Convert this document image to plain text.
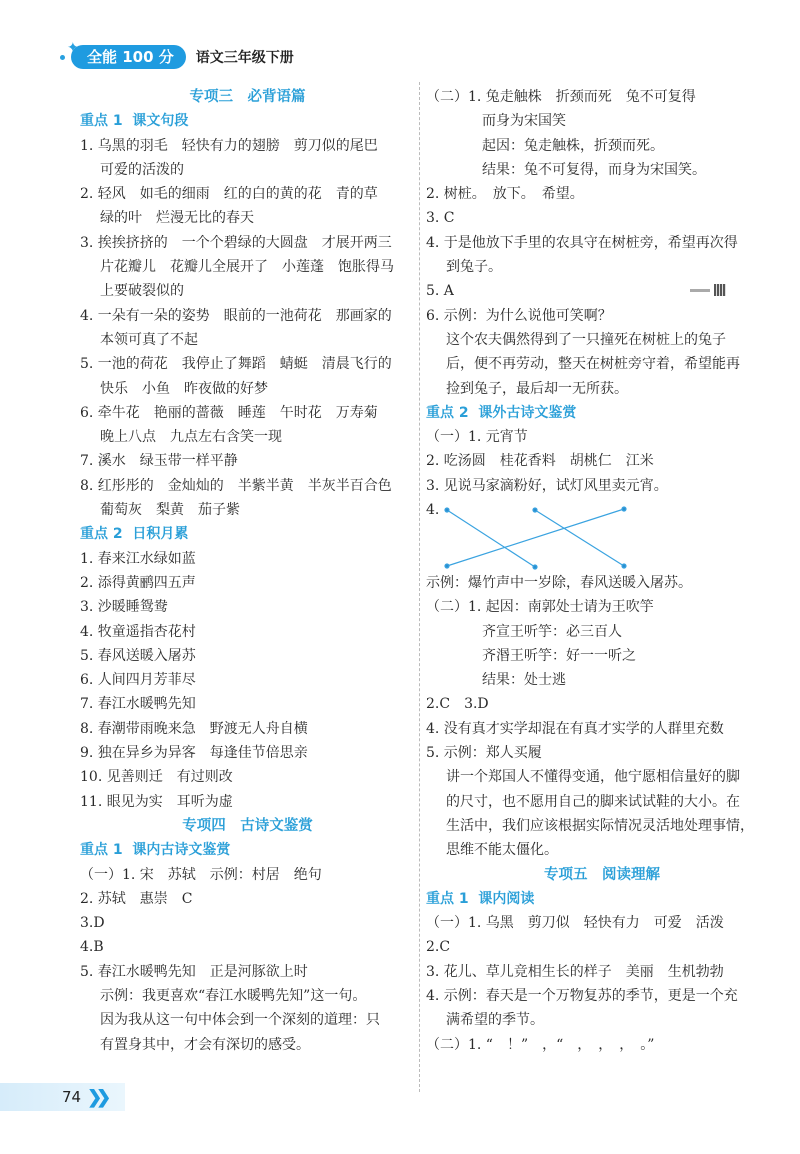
✦ 全能 100 分	语文三年级下册
专项三　必背语篇
重点 1  课文句段
1. 乌黑的羽毛　轻快有力的翅膀　剪刀似的尾巴
可爱的活泼的
2. 轻风　如毛的细雨　红的白的黄的花　青的草
绿的叶　烂漫无比的春天
3. 挨挨挤挤的　一个个碧绿的大圆盘　才展开两三
片花瓣儿　花瓣儿全展开了　小莲蓬　饱胀得马
上要破裂似的
4. 一朵有一朵的姿势　眼前的一池荷花　那画家的
本领可真了不起
5. 一池的荷花　我停止了舞蹈　蜻蜓　清晨飞行的
快乐　小鱼　昨夜做的好梦
6. 牵牛花　艳丽的蔷薇　睡莲　午时花　万寿菊
晚上八点　九点左右含笑一现
7. 溪水　绿玉带一样平静
8. 红彤彤的　金灿灿的　半紫半黄　半灰半百合色
葡萄灰　梨黄　茄子紫
重点 2  日积月累
1. 春来江水绿如蓝
2. 添得黄鹂四五声
3. 沙暖睡鸳鸯
4. 牧童遥指杏花村
5. 春风送暖入屠苏
6. 人间四月芳菲尽
7. 春江水暖鸭先知
8. 春潮带雨晚来急　野渡无人舟自横
9. 独在异乡为异客　每逢佳节倍思亲
10. 见善则迁　有过则改
11. 眼见为实　耳听为虚
专项四　古诗文鉴赏
重点 1  课内古诗文鉴赏
（一）1. 宋　苏轼　示例：村居　绝句
2. 苏轼　惠崇　C
3.D
4.B
5. 春江水暖鸭先知　正是河豚欲上时
示例：我更喜欢“春江水暖鸭先知”这一句。
因为我从这一句中体会到一个深刻的道理：只
有置身其中，才会有深切的感受。
（二）1. 兔走触株　折颈而死　兔不可复得
而身为宋国笑
起因：兔走触株，折颈而死。
结果：兔不可复得，而身为宋国笑。
2. 树桩。　放下。　希望。
3. C
4. 于是他放下手里的农具守在树桩旁，希望再次得
到兔子。
5. A
6. 示例：为什么说他可笑啊？
这个农夫偶然得到了一只撞死在树桩上的兔子
后，便不再劳动，整天在树桩旁守着，希望能再
捡到兔子，最后却一无所获。
重点 2  课外古诗文鉴赏
（一）1. 元宵节
2. 吃汤圆　桂花香料　胡桃仁　江米
3. 见说马家滴粉好，试灯风里卖元宵。
4.
示例：爆竹声中一岁除，春风送暖入屠苏。
（二）1. 起因：南郭处士请为王吹竽
齐宣王听竽：必三百人
齐湣王听竽：好一一听之
结果：处士逃
2.C　3.D
4. 没有真才实学却混在有真才实学的人群里充数
5. 示例：郑人买履
讲一个郑国人不懂得变通，他宁愿相信量好的脚
的尺寸，也不愿用自己的脚来试试鞋的大小。在
生活中，我们应该根据实际情况灵活地处理事情，
思维不能太僵化。
专项五　阅读理解
重点 1  课内阅读
（一）1. 乌黑　剪刀似　轻快有力　可爱　活泼
2.C
3. 花儿、草儿竞相生长的样子　美丽　生机勃勃
4. 示例：春天是一个万物复苏的季节，更是一个充
满希望的季节。
（二）1. “　！”　，“　，　，　，　。”
74 ❯❯
